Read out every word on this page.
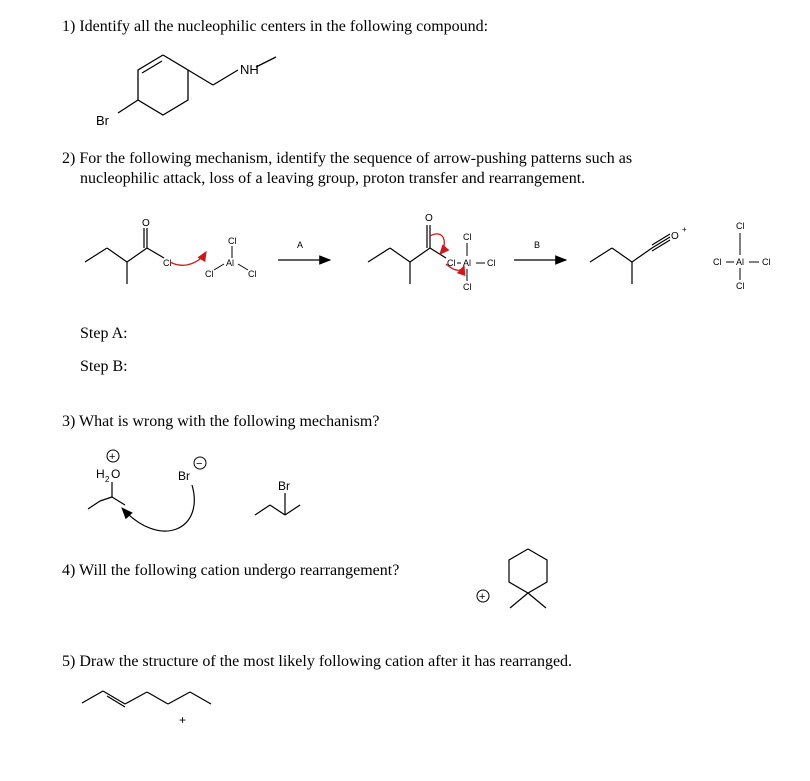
1) Identify all the nucleophilic centers in the following compound:
2) For the following mechanism, identify the sequence of arrow-pushing patterns such as
nucleophilic attack, loss of a leaving group, proton transfer and rearrangement.
Step A:
Step B:
3) What is wrong with the following mechanism?
4) Will the following cation undergo rearrangement?
5) Draw the structure of the most likely following cation after it has rearranged.
NH
Br
O
Cl
Cl
Al
Cl	Cl
A
O
Cl
Cl
Al Cl
Cl
B
O
+	Cl
Cl Al Cl
Cl
+
H 2 O	Br
−
Br
+
+
